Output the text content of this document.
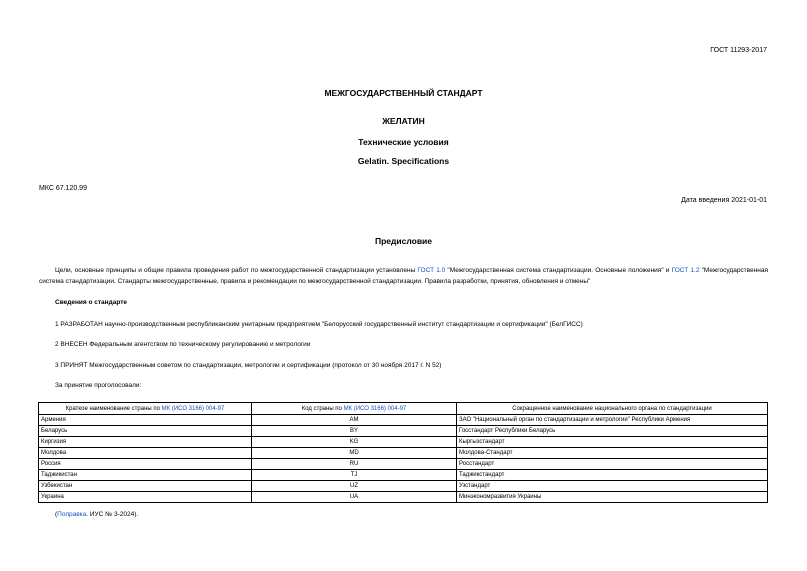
ГОСТ 11293-2017
МЕЖГОСУДАРСТВЕННЫЙ СТАНДАРТ
ЖЕЛАТИН
Технические условия
Gelatin. Specifications
МКС 67.120.99
Дата введения 2021-01-01
Предисловие
Цели, основные принципы и общие правила проведения работ по межгосударственной стандартизации установлены ГОСТ 1.0 "Межгосударственная система стандартизации. Основные положения" и ГОСТ 1.2 "Межгосударственная система стандартизации. Стандарты межгосударственные, правила и рекомендации по межгосударственной стандартизации. Правила разработки, принятия, обновления и отмены"
Сведения о стандарте
1 РАЗРАБОТАН научно-производственным республиканским унитарным предприятием "Белорусский государственный институт стандартизации и сертификации" (БелГИСС)
2 ВНЕСЕН Федеральным агентством по техническому регулированию и метрологии
3 ПРИНЯТ Межгосударственным советом по стандартизации, метрологии и сертификации (протокол от 30 ноября 2017 г. N 52)
За принятие проголосовали:
Краткое наименование страны по МК (ИСО 3166) 004-97	Код страны по МК (ИСО 3166) 004-97	Сокращенное наименование национального органа по стандартизации
Армения	AM	ЗАО "Национальный орган по стандартизации и метрологии" Республики Армения
Беларусь	BY	Госстандарт Республики Беларусь
Киргизия	KG	Кыргызстандарт
Молдова	MD	Молдова-Стандарт
Россия	RU	Росстандарт
Таджикистан	TJ	Таджикстандарт
Узбекистан	UZ	Узстандарт
Украина	UA	Минэкономразвития Украины
(Поправка. ИУС № 3-2024).
